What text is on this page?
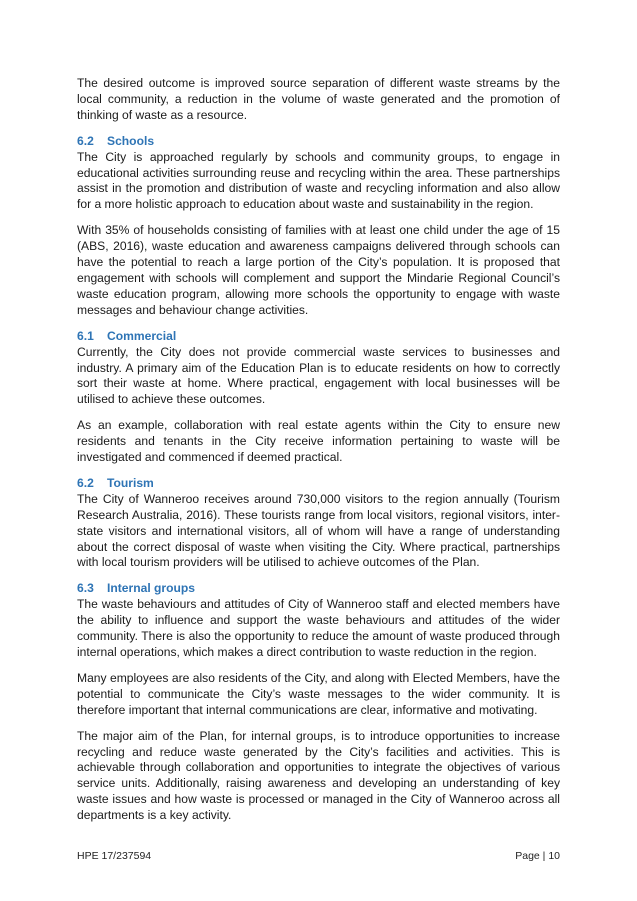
The desired outcome is improved source separation of different waste streams by the local community, a reduction in the volume of waste generated and the promotion of thinking of waste as a resource.

6.2 Schools

The City is approached regularly by schools and community groups, to engage in educational activities surrounding reuse and recycling within the area. These partnerships assist in the promotion and distribution of waste and recycling information and also allow for a more holistic approach to education about waste and sustainability in the region.

With 35% of households consisting of families with at least one child under the age of 15 (ABS, 2016), waste education and awareness campaigns delivered through schools can have the potential to reach a large portion of the City’s population. It is proposed that engagement with schools will complement and support the Mindarie Regional Council’s waste education program, allowing more schools the opportunity to engage with waste messages and behaviour change activities.

6.1 Commercial

Currently, the City does not provide commercial waste services to businesses and industry. A primary aim of the Education Plan is to educate residents on how to correctly sort their waste at home. Where practical, engagement with local businesses will be utilised to achieve these outcomes.

As an example, collaboration with real estate agents within the City to ensure new residents and tenants in the City receive information pertaining to waste will be investigated and commenced if deemed practical.

6.2 Tourism

The City of Wanneroo receives around 730,000 visitors to the region annually (Tourism Research Australia, 2016). These tourists range from local visitors, regional visitors, inter-state visitors and international visitors, all of whom will have a range of understanding about the correct disposal of waste when visiting the City. Where practical, partnerships with local tourism providers will be utilised to achieve outcomes of the Plan.

6.3 Internal groups

The waste behaviours and attitudes of City of Wanneroo staff and elected members have the ability to influence and support the waste behaviours and attitudes of the wider community. There is also the opportunity to reduce the amount of waste produced through internal operations, which makes a direct contribution to waste reduction in the region.

Many employees are also residents of the City, and along with Elected Members, have the potential to communicate the City’s waste messages to the wider community. It is therefore important that internal communications are clear, informative and motivating.

The major aim of the Plan, for internal groups, is to introduce opportunities to increase recycling and reduce waste generated by the City’s facilities and activities. This is achievable through collaboration and opportunities to integrate the objectives of various service units. Additionally, raising awareness and developing an understanding of key waste issues and how waste is processed or managed in the City of Wanneroo across all departments is a key activity.

HPE 17/237594	Page | 10
